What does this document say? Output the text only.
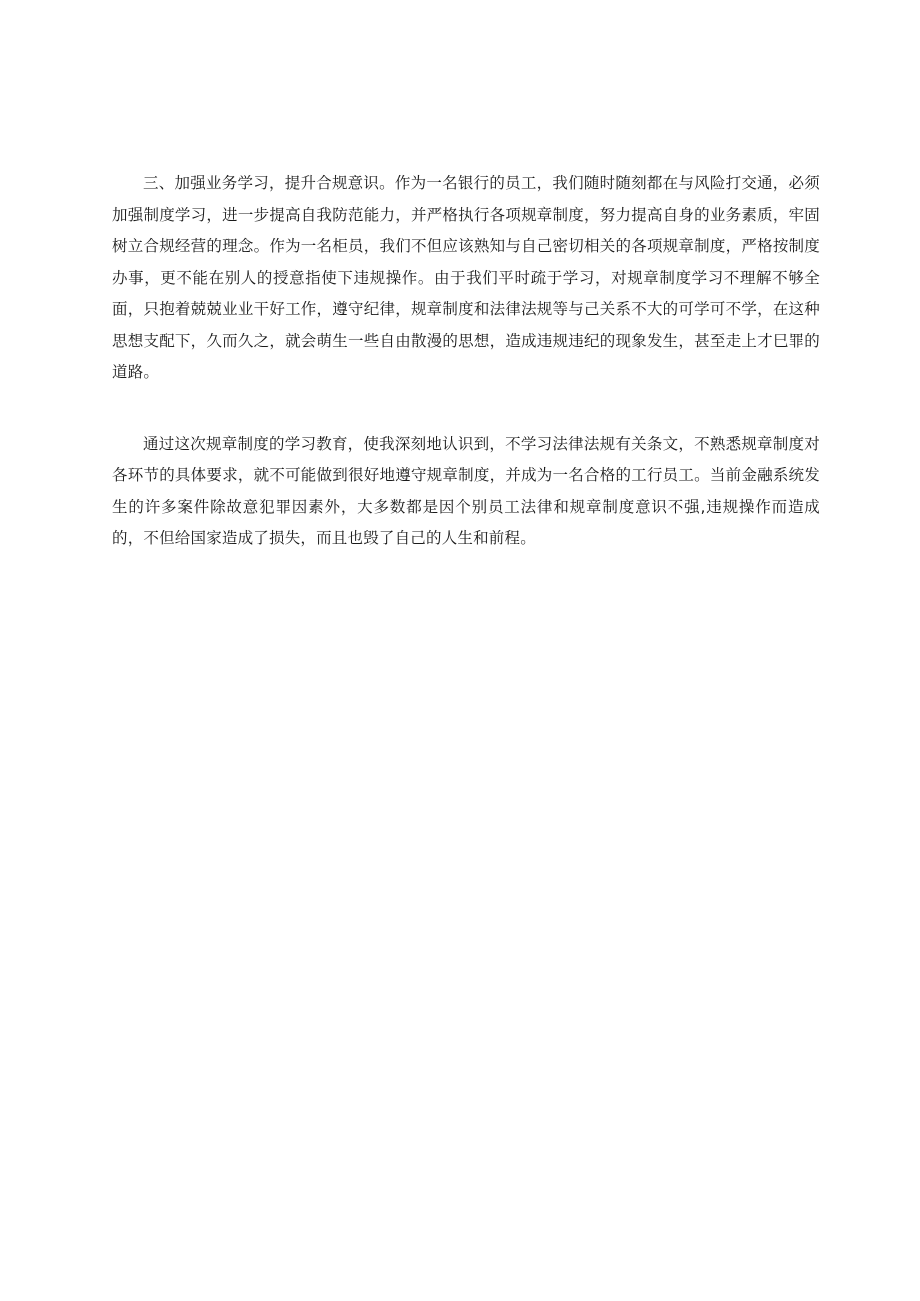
三、加强业务学习，提升合规意识。作为一名银行的员工，我们随时随刻都在与风险打交通，必须加强制度学习，进一步提高自我防范能力，并严格执行各项规章制度，努力提高自身的业务素质，牢固树立合规经营的理念。作为一名柜员，我们不但应该熟知与自己密切相关的各项规章制度，严格按制度办事，更不能在别人的授意指使下违规操作。由于我们平时疏于学习，对规章制度学习不理解不够全面，只抱着兢兢业业干好工作，遵守纪律，规章制度和法律法规等与己关系不大的可学可不学，在这种思想支配下，久而久之，就会萌生一些自由散漫的思想，造成违规违纪的现象发生，甚至走上才巳罪的道路。

通过这次规章制度的学习教育，使我深刻地认识到，不学习法律法规有关条文，不熟悉规章制度对各环节的具体要求，就不可能做到很好地遵守规章制度，并成为一名合格的工行员工。当前金融系统发生的许多案件除故意犯罪因素外，大多数都是因个别员工法律和规章制度意识不强,违规操作而造成的，不但给国家造成了损失，而且也毁了自己的人生和前程。
